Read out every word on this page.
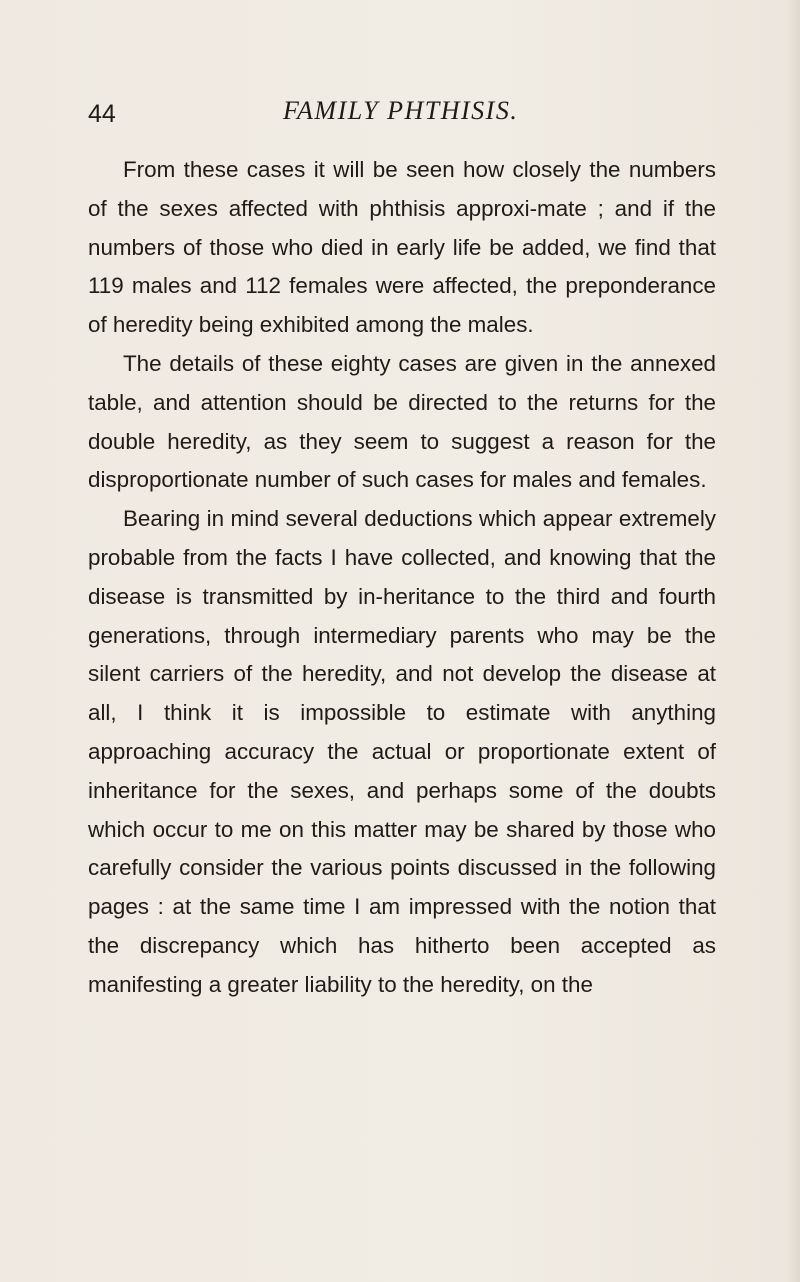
44	FAMILY PHTHISIS.

From these cases it will be seen how closely the numbers of the sexes affected with phthisis approxi-mate ; and if the numbers of those who died in early life be added, we find that 119 males and 112 females were affected, the preponderance of heredity being exhibited among the males.

The details of these eighty cases are given in the annexed table, and attention should be directed to the returns for the double heredity, as they seem to suggest a reason for the disproportionate number of such cases for males and females.

Bearing in mind several deductions which appear extremely probable from the facts I have collected, and knowing that the disease is transmitted by in-heritance to the third and fourth generations, through intermediary parents who may be the silent carriers of the heredity, and not develop the disease at all, I think it is impossible to estimate with anything approaching accuracy the actual or proportionate extent of inheritance for the sexes, and perhaps some of the doubts which occur to me on this matter may be shared by those who carefully consider the various points discussed in the following pages : at the same time I am impressed with the notion that the discrepancy which has hitherto been accepted as manifesting a greater liability to the heredity, on the
